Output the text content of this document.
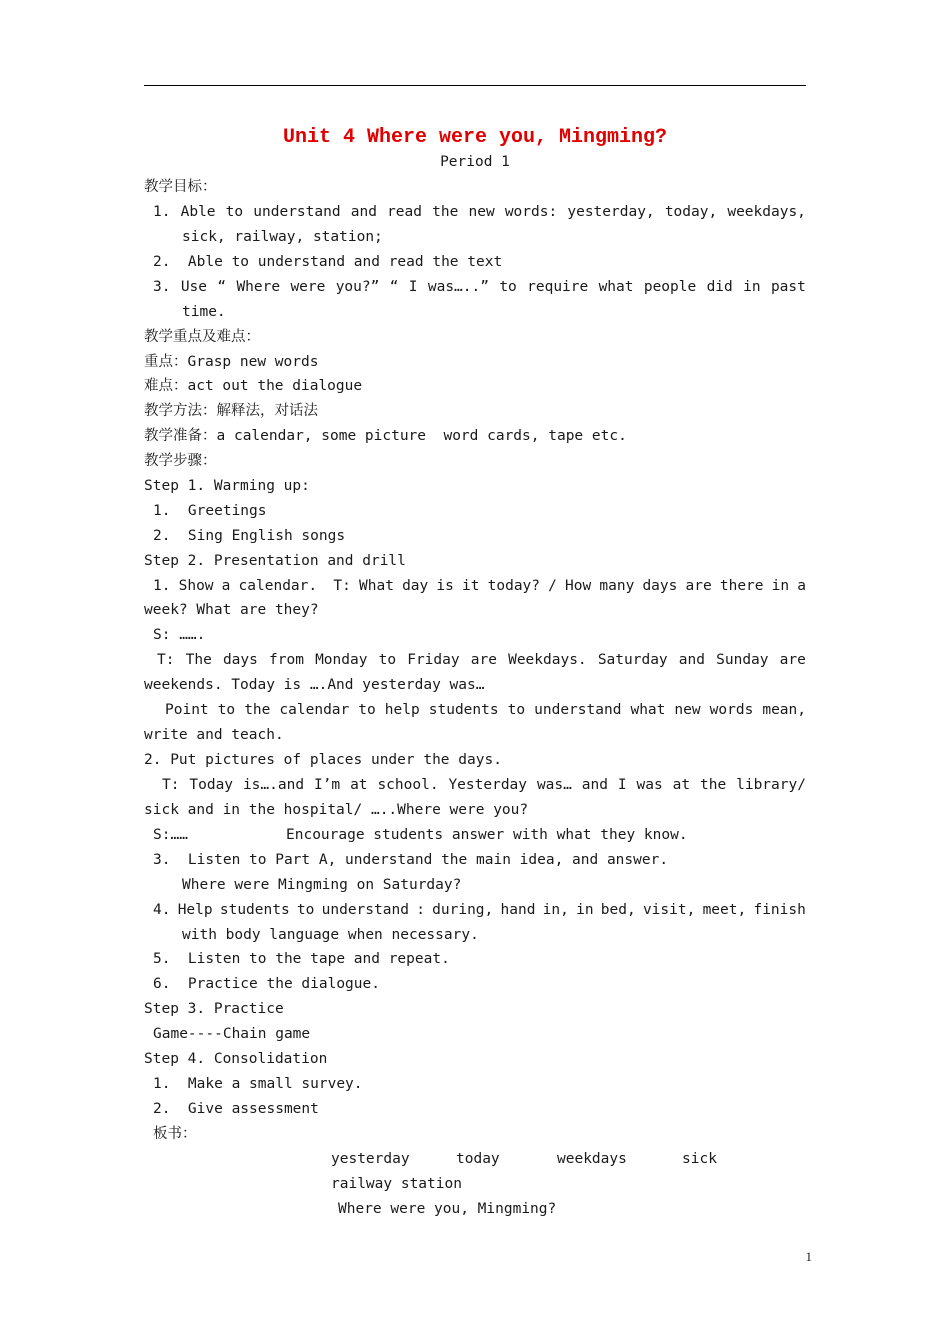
Unit 4 Where were you, Mingming?
Period 1
教学目标：
1. Able to understand and read the new words: yesterday, today, weekdays,
sick, railway, station;
2.  Able to understand and read the text
3. Use “ Where were you?” “ I was…..” to require what people did in past
time.
教学重点及难点：
重点：Grasp new words
难点：act out the dialogue
教学方法：解释法，对话法
教学准备：a calendar, some picture  word cards, tape etc.
教学步骤：
Step 1. Warming up:
1.  Greetings
2.  Sing English songs
Step 2. Presentation and drill
1. Show a calendar. T: What day is it today? / How many days are there in a
week? What are they?
S: …….
T: The days from Monday to Friday are Weekdays. Saturday and Sunday are
weekends. Today is ….And yesterday was…
Point to the calendar to help students to understand what new words mean,
write and teach.
2. Put pictures of places under the days.
T: Today is….and I’m at school. Yesterday was… and I was at the library/
sick and in the hospital/ …..Where were you?
S:……	Encourage students answer with what they know.
3.  Listen to Part A, understand the main idea, and answer.
Where were Mingming on Saturday?
4. Help students to understand : during, hand in, in bed, visit, meet, finish
with body language when necessary.
5.  Listen to the tape and repeat.
6.  Practice the dialogue.
Step 3. Practice
Game----Chain game
Step 4. Consolidation
1.  Make a small survey.
2.  Give assessment
板书：
yesterday	today	weekdays	sick
railway station
Where were you, Mingming?
1
